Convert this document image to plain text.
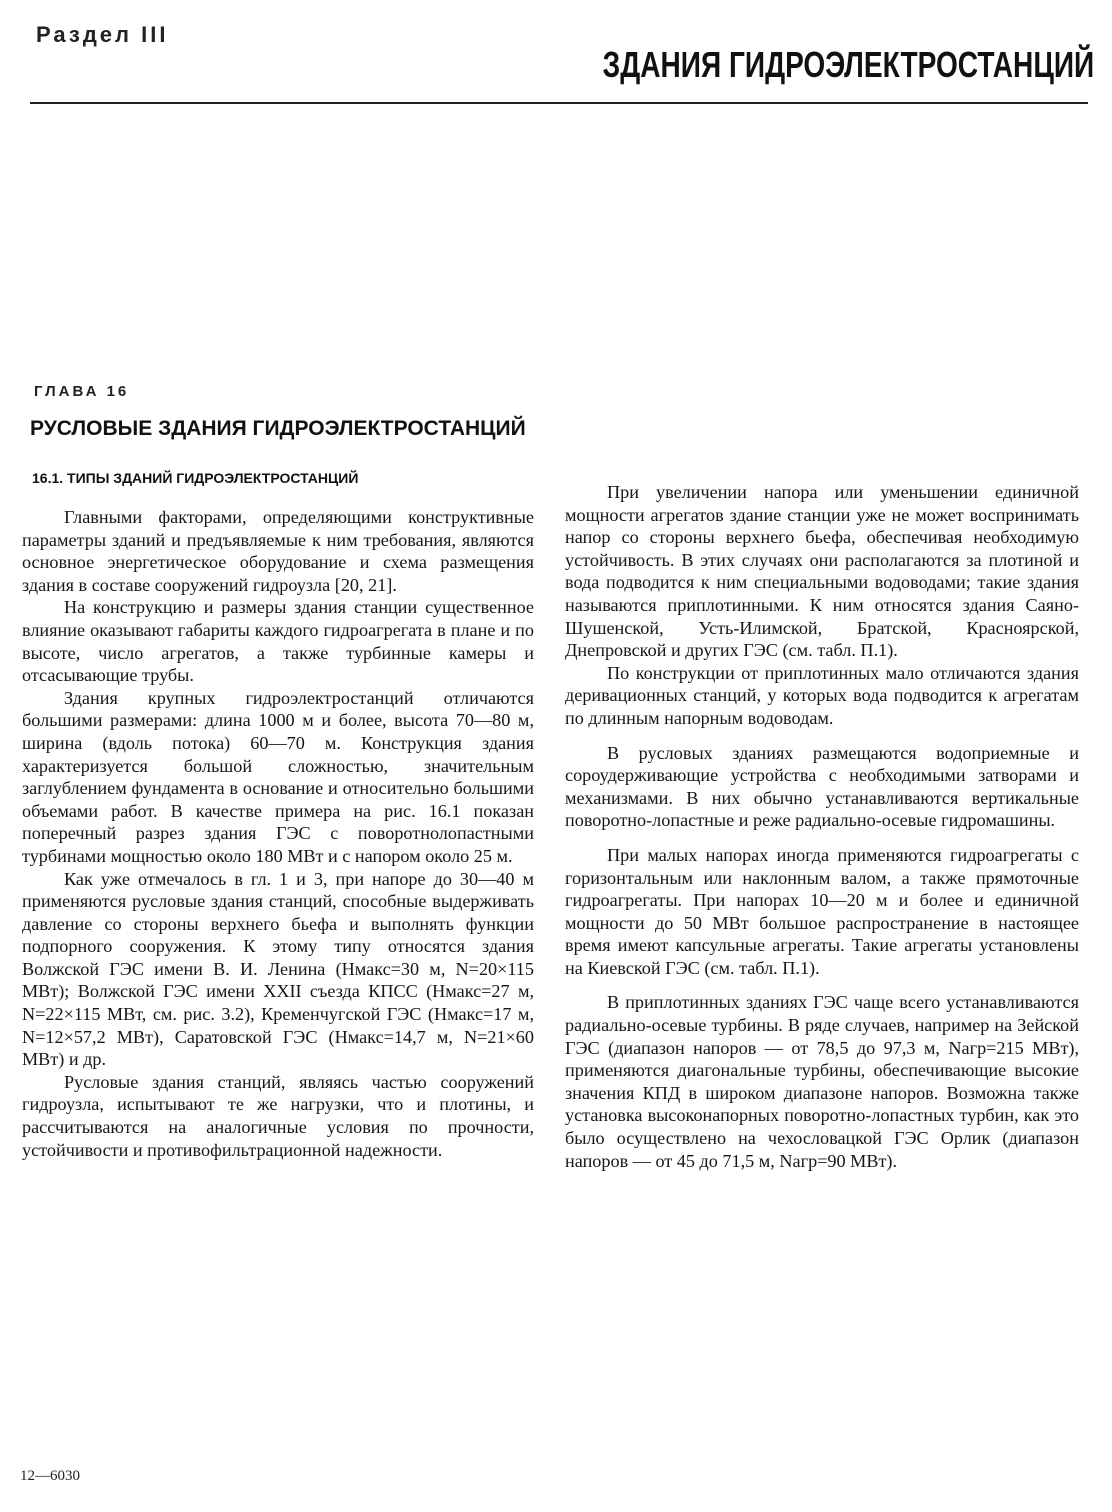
Раздел III
ЗДАНИЯ ГИДРОЭЛЕКТРОСТАНЦИЙ
ГЛАВА 16
РУСЛОВЫЕ ЗДАНИЯ ГИДРОЭЛЕКТРОСТАНЦИЙ
16.1. ТИПЫ ЗДАНИЙ ГИДРОЭЛЕКТРОСТАНЦИЙ

Главными факторами, определяющими конструктивные параметры зданий и предъявляемые к ним требования, являются основное энергетическое оборудование и схема размещения здания в составе сооружений гидроузла [20, 21].

На конструкцию и размеры здания станции существенное влияние оказывают габариты каждого гидроагрегата в плане и по высоте, число агрегатов, а также турбинные камеры и отсасывающие трубы.

Здания крупных гидроэлектростанций отличаются большими размерами: длина 1000 м и более, высота 70—80 м, ширина (вдоль потока) 60—70 м. Конструкция здания характеризуется большой сложностью, значительным заглублением фундамента в основание и относительно большими объемами работ. В качестве примера на рис. 16.1 показан поперечный разрез здания ГЭС с поворотнолопастными турбинами мощностью около 180 МВт и с напором около 25 м.

Как уже отмечалось в гл. 1 и 3, при напоре до 30—40 м применяются русловые здания станций, способные выдерживать давление со стороны верхнего бьефа и выполнять функции подпорного сооружения. К этому типу относятся здания Волжской ГЭС имени В. И. Ленина (Hмакс=30 м, N=20×115 МВт); Волжской ГЭС имени XXII съезда КПСС (Hмакс=27 м, N=22×115 МВт, см. рис. 3.2), Кременчугской ГЭС (Hмакс=17 м, N=12×57,2 МВт), Саратовской ГЭС (Hмакс=14,7 м, N=21×60 МВт) и др.

Русловые здания станций, являясь частью сооружений гидроузла, испытывают те же нагрузки, что и плотины, и рассчитываются на аналогичные условия по прочности, устойчивости и противофильтрационной надежности.

При увеличении напора или уменьшении единичной мощности агрегатов здание станции уже не может воспринимать напор со стороны верхнего бьефа, обеспечивая необходимую устойчивость. В этих случаях они располагаются за плотиной и вода подводится к ним специальными водоводами; такие здания называются приплотинными. К ним относятся здания Саяно-Шушенской, Усть-Илимской, Братской, Красноярской, Днепровской и других ГЭС (см. табл. П.1).

По конструкции от приплотинных мало отличаются здания деривационных станций, у которых вода подводится к агрегатам по длинным напорным водоводам.

В русловых зданиях размещаются водоприемные и сороудерживающие устройства с необходимыми затворами и механизмами. В них обычно устанавливаются вертикальные поворотно-лопастные и реже радиально-осевые гидромашины.

При малых напорах иногда применяются гидроагрегаты с горизонтальным или наклонным валом, а также прямоточные гидроагрегаты. При напорах 10—20 м и более и единичной мощности до 50 МВт большое распространение в настоящее время имеют капсульные агрегаты. Такие агрегаты установлены на Киевской ГЭС (см. табл. П.1).

В приплотинных зданиях ГЭС чаще всего устанавливаются радиально-осевые турбины. В ряде случаев, например на Зейской ГЭС (диапазон напоров — от 78,5 до 97,3 м, Nагр=215 МВт), применяются диагональные турбины, обеспечивающие высокие значения КПД в широком диапазоне напоров. Возможна также установка высоконапорных поворотно-лопастных турбин, как это было осуществлено на чехословацкой ГЭС Орлик (диапазон напоров — от 45 до 71,5 м, Nагр=90 МВт).

12—6030
